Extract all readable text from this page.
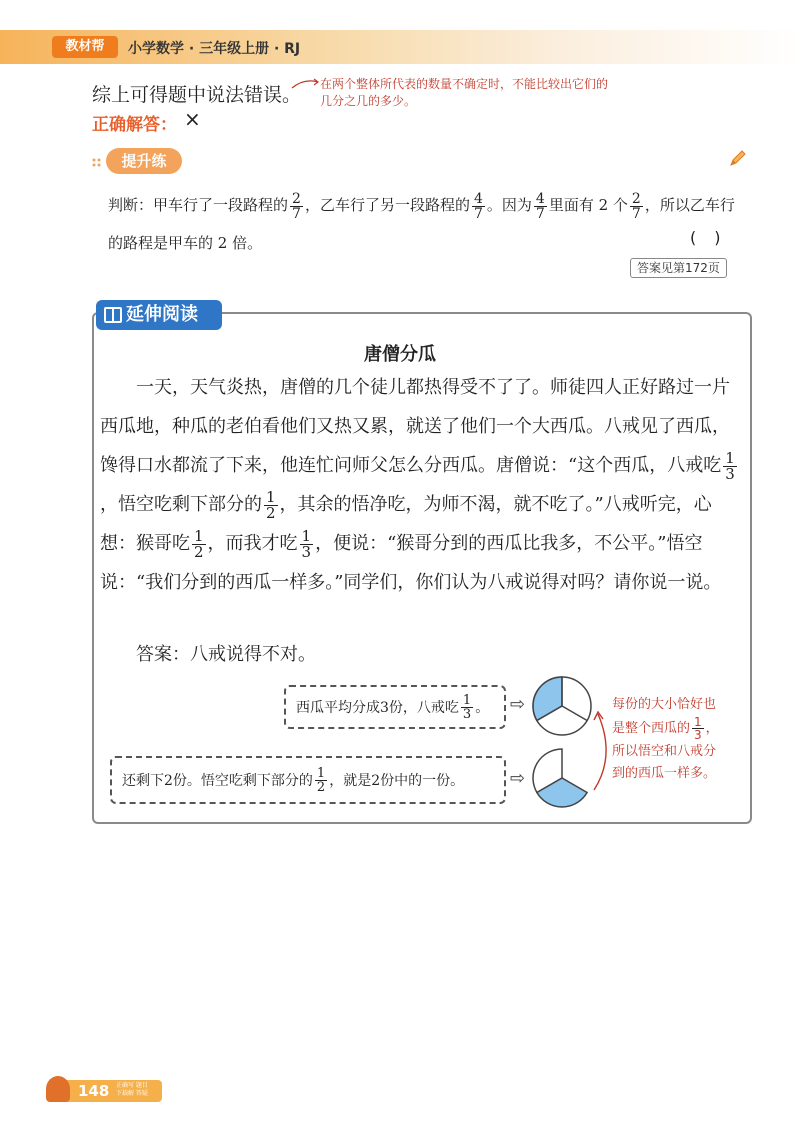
教材帮	小学数学 · 三年级上册 · RJ
综上可得题中说法错误。 在两个整体所代表的数量不确定时，不能比较出它们的
几分之几的多少。
正确解答： ×
提升练
判断：甲车行了一段路程的 $\frac{2}{7}$ ，乙车行了另一段路程的 $\frac{4}{7}$ 。因为 $\frac{4}{7}$ 里面有 2 个 $\frac{2}{7}$ ，所以乙车行
的路程是甲车的 2 倍。	()
答案见第172页
延伸阅读
唐僧分瓜
一天，天气炎热，唐僧的几个徒儿都热得受不了了。师徒四人正好路过一片西瓜地，种瓜的老伯看他们又热又累，就送了他们一个大西瓜。八戒见了西瓜，馋得口水都流了下来，他连忙问师父怎么分西瓜。唐僧说：“这个西瓜，八戒吃 $\frac{1}{3}$
，悟空吃剩下部分的 $\frac{1}{2}$ ，其余的悟净吃，为师不渴，就不吃了。”八戒听完，心想：猴哥吃 $\frac{1}{2}$ ，而我才吃 $\frac{1}{3}$ ，便说：“猴哥分到的西瓜比我多，不公平。”悟空说：“我们分到的西瓜一样多。”同学们，你们认为八戒说得对吗？请你说一说。
答案：八戒说得不对。
西瓜平均分成3份，八戒吃 $\frac{1}{3}$ 。 ⇨
还剩下2份。悟空吃剩下部分的 $\frac{1}{2}$ ，就是2份中的一份。	⇨
每份的大小恰好也
是整个西瓜的 $\frac{1}{3}$ ，
所以悟空和八戒分
到的西瓜一样多。
148 正确写 题目
下载解 答疑
